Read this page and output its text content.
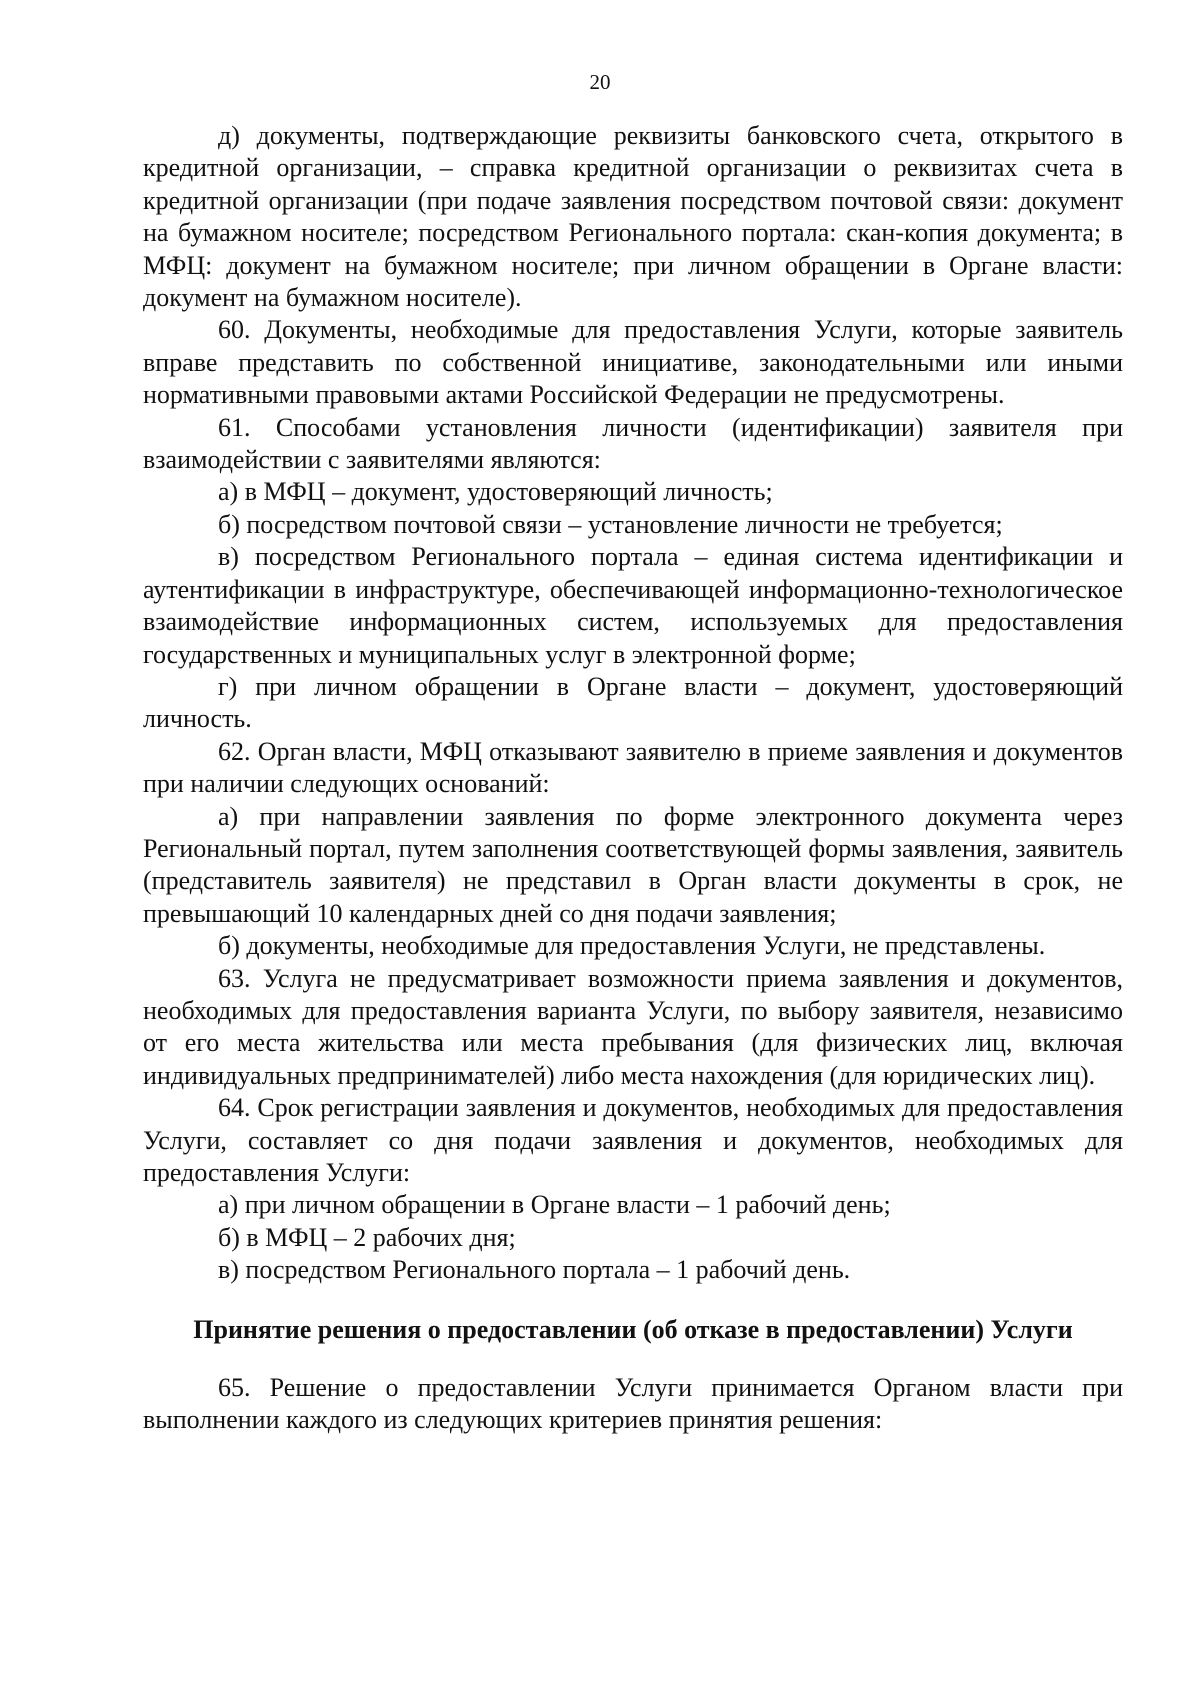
20

д) документы, подтверждающие реквизиты банковского счета, открытого в кредитной организации, – справка кредитной организации о реквизитах счета в кредитной организации (при подаче заявления посредством почтовой связи: документ на бумажном носителе; посредством Регионального портала: скан-копия документа; в МФЦ: документ на бумажном носителе; при личном обращении в Органе власти: документ на бумажном носителе).

60. Документы, необходимые для предоставления Услуги, которые заявитель вправе представить по собственной инициативе, законодательными или иными нормативными правовыми актами Российской Федерации не предусмотрены.

61. Способами установления личности (идентификации) заявителя при взаимодействии с заявителями являются:

а) в МФЦ – документ, удостоверяющий личность;

б) посредством почтовой связи – установление личности не требуется;

в) посредством Регионального портала – единая система идентификации и аутентификации в инфраструктуре, обеспечивающей информационно-технологическое взаимодействие информационных систем, используемых для предоставления государственных и муниципальных услуг в электронной форме;

г) при личном обращении в Органе власти – документ, удостоверяющий личность.

62. Орган власти, МФЦ отказывают заявителю в приеме заявления и документов при наличии следующих оснований:

а) при направлении заявления по форме электронного документа через Региональный портал, путем заполнения соответствующей формы заявления, заявитель (представитель заявителя) не представил в Орган власти документы в срок, не превышающий 10 календарных дней со дня подачи заявления;

б) документы, необходимые для предоставления Услуги, не представлены.

63. Услуга не предусматривает возможности приема заявления и документов, необходимых для предоставления варианта Услуги, по выбору заявителя, независимо от его места жительства или места пребывания (для физических лиц, включая индивидуальных предпринимателей) либо места нахождения (для юридических лиц).

64. Срок регистрации заявления и документов, необходимых для предоставления Услуги, составляет со дня подачи заявления и документов, необходимых для предоставления Услуги:

а) при личном обращении в Органе власти – 1 рабочий день;

б) в МФЦ – 2 рабочих дня;

в) посредством Регионального портала – 1 рабочий день.

Принятие решения о предоставлении (об отказе в предоставлении) Услуги

65. Решение о предоставлении Услуги принимается Органом власти при выполнении каждого из следующих критериев принятия решения:
